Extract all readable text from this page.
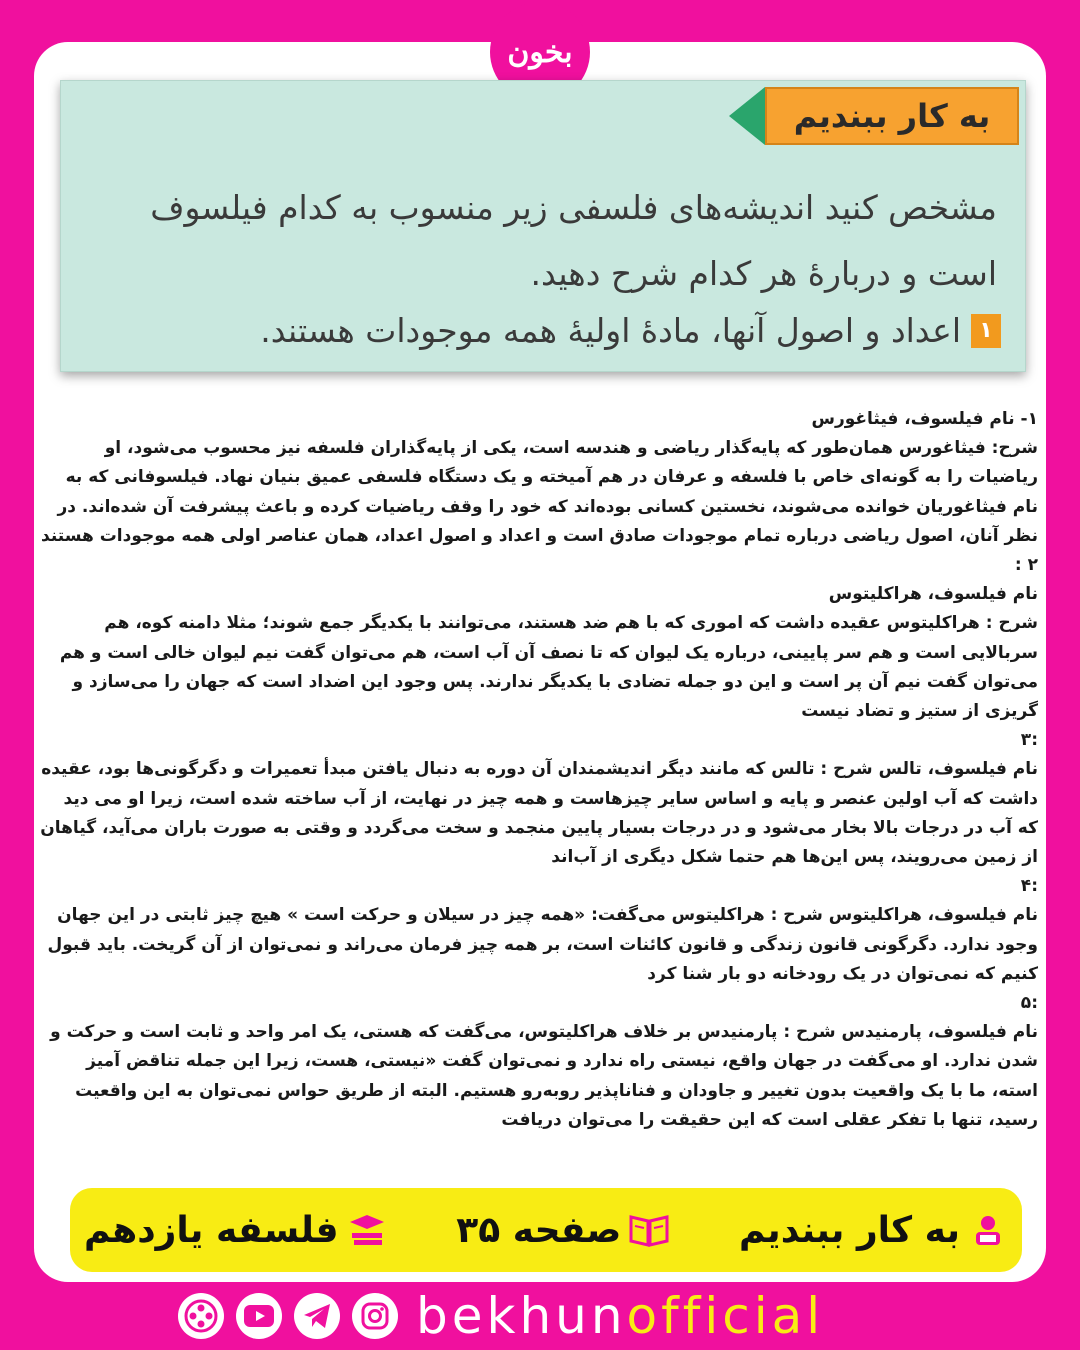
بخون
به کار ببندیم
مشخص کنید اندیشه‌های فلسفی زیر منسوب به کدام فیلسوف است و دربارهٔ هر کدام شرح دهید.
۱
اعداد و اصول آنها، مادهٔ اولیهٔ همه موجودات هستند.

۱- نام فیلسوف، فیثاغورس

شرح: فیثاغورس همان‌طور که پایه‌گذار ریاضی و هندسه است، یکی از پایه‌گذاران فلسفه نیز محسوب می‌شود، او ریاضیات را به گونه‌ای خاص با فلسفه و عرفان در هم آمیخته و یک دستگاه فلسفی عمیق بنیان نهاد. فیلسوفانی که به نام فیثاغوریان خوانده می‌شوند، نخستین کسانی بوده‌اند که خود را وقف ریاضیات کرده و باعث پیشرفت آن شده‌اند. در نظر آنان، اصول ریاضی درباره تمام موجودات صادق است و اعداد و اصول اعداد، همان عناصر اولی همه موجودات هستند

۲ :

نام فیلسوف، هراکلیتوس

شرح : هراکلیتوس عقیده داشت که اموری که با هم ضد هستند، می‌توانند با یکدیگر جمع شوند؛ مثلا دامنه کوه، هم سربالایی است و هم سر پایینی، درباره یک لیوان که تا نصف آن آب است، هم می‌توان گفت نیم لیوان خالی است و هم می‌توان گفت نیم آن پر است و این دو جمله تضادی با یکدیگر ندارند. پس وجود این اضداد است که جهان را می‌سازد و گریزی از ستیز و تضاد نیست

:۳

نام فیلسوف، تالس شرح : تالس که مانند دیگر اندیشمندان آن دوره به دنبال یافتن مبدأ تعمیرات و دگرگونی‌ها بود، عقیده داشت که آب اولین عنصر و پایه و اساس سایر چیزهاست و همه چیز در نهایت، از آب ساخته شده است، زیرا او می دید که آب در درجات بالا بخار می‌شود و در درجات بسیار پایین منجمد و سخت می‌گردد و وقتی به صورت باران می‌آید، گیاهان از زمین می‌رویند، پس این‌ها هم حتما شکل دیگری از آب‌اند

:۴

نام فیلسوف، هراکلیتوس شرح : هراکلیتوس می‌گفت: «همه چیز در سیلان و حرکت است » هیچ چیز ثابتی در این جهان وجود ندارد. دگرگونی قانون زندگی و قانون کائنات است، بر همه چیز فرمان می‌راند و نمی‌توان از آن گریخت. باید قبول کنیم که نمی‌توان در یک رودخانه دو بار شنا کرد

:۵

نام فیلسوف، پارمنیدس شرح : پارمنیدس بر خلاف هراکلیتوس، می‌گفت که هستی، یک امر واحد و ثابت است و حرکت و شدن ندارد. او می‌گفت در جهان واقع، نیستی راه ندارد و نمی‌توان گفت «نیستی، هست، زیرا این جمله تناقض آمیز استه، ما با یک واقعیت بدون تغییر و جاودان و فناناپذیر روبه‌رو هستیم. البته از طریق حواس نمی‌توان به این واقعیت رسید، تنها با تفکر عقلی است که این حقیقت را می‌توان دریافت

به کار ببندیم
صفحه ۳۵
فلسفه یازدهم
bekhunofficial
